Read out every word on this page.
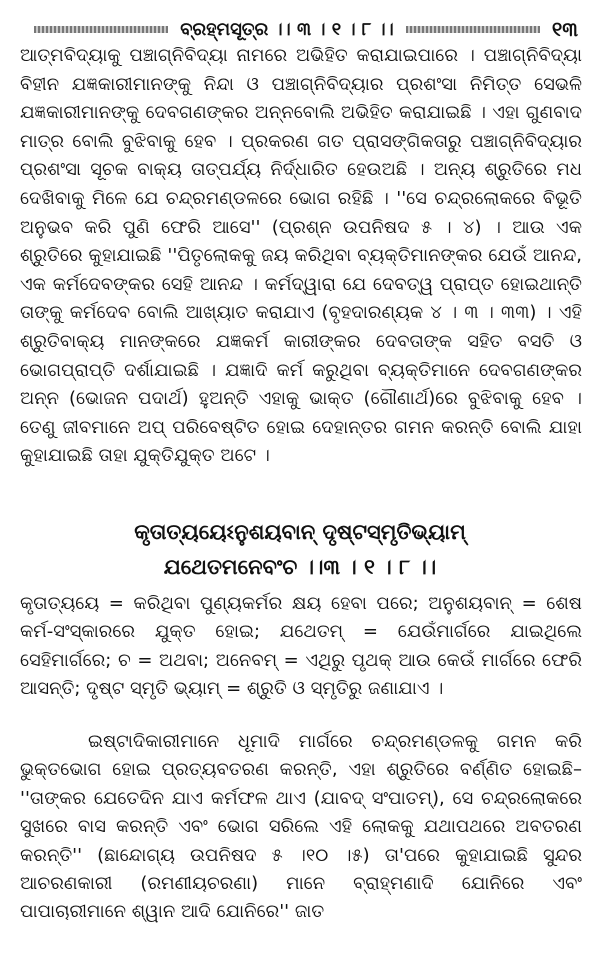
ବ୍ରହ୍ମସୂତ୍ର ।। ୩ । ୧ । ୮ ।।	୧୩

ଆତ୍ମବିଦ୍ୟାକୁ ପଞ୍ଚାଗ୍ନିବିଦ୍ୟା ନାମରେ ଅଭିହିତ କରାଯାଇପାରେ । ପଞ୍ଚାଗ୍ନିବିଦ୍ୟା ବିହୀନ ଯଜ୍ଞକାରୀମାନଙ୍କୁ ନିନ୍ଦା ଓ ପଞ୍ଚାଗ୍ନିବିଦ୍ୟାର ପ୍ରଶଂସା ନିମିତ୍ତ ସେଭଳି ଯଜ୍ଞକାରୀମାନଙ୍କୁ ଦେବଗଣଙ୍କର ଅନ୍ନବୋଲି ଅଭିହିତ କରାଯାଇଛି । ଏହା ଗୁଣବାଦ ମାତ୍ର ବୋଲି ବୁଝିବାକୁ ହେବ । ପ୍ରକରଣ ଗତ ପ୍ରାସଙ୍ଗିକତାରୁ ପଞ୍ଚାଗ୍ନିବିଦ୍ୟାର ପ୍ରଶଂସା ସୂଚକ ବାକ୍ୟ ତାତ୍ପର୍ଯ୍ୟ ନିର୍ଦ୍ଧାରିତ ହେଉଅଛି । ଅନ୍ୟ ଶ୍ରୁତିରେ ମଧ ଦେଖିବାକୁ ମିଳେ ଯେ ଚନ୍ଦ୍ରମଣ୍ଡଳରେ ଭୋଗ ରହିଛି । ''ସେ ଚନ୍ଦ୍ରଲୋକରେ ବିଭୂତି ଅନୁଭବ କରି ପୁଣି ଫେରି ଆସେ'' (ପ୍ରଶ୍ନ ଉପନିଷଦ ୫ । ୪) । ଆଉ ଏକ ଶ୍ରୁତିରେ କୁହାଯାଇଛି ''ପିତୃଲୋକକୁ ଜୟ କରିଥିବା ବ୍ୟକ୍ତିମାନଙ୍କର ଯେଉଁ ଆନନ୍ଦ, ଏକ କର୍ମଦେବଙ୍କର ସେହି ଆନନ୍ଦ । କର୍ମଦ୍ୱାରା ଯେ ଦେବତ୍ୱ ପ୍ରାପ୍ତ ହୋଇଥାନ୍ତି ତାଙ୍କୁ କର୍ମଦେବ ବୋଲି ଆଖ୍ୟାତ କରାଯାଏ (ବୃହଦାରଣ୍ୟକ ୪ । ୩ । ୩୩) । ଏହି ଶ୍ରୁତିବାକ୍ୟ ମାନଙ୍କରେ ଯଜ୍ଞକର୍ମ କାରୀଙ୍କର ଦେବତାଙ୍କ ସହିତ ବସତି ଓ ଭୋଗପ୍ରାପ୍ତି ଦର୍ଶାଯାଇଛି । ଯଜ୍ଞାଦି କର୍ମ କରୁଥିବା ବ୍ୟକ୍ତିମାନେ ଦେବଗଣଙ୍କର ଅନ୍ନ (ଭୋଜନ ପଦାର୍ଥ) ହୁଅନ୍ତି ଏହାକୁ ଭାକ୍ତ (ଗୌଣାର୍ଥ)ରେ ବୁଝିବାକୁ ହେବ । ତେଣୁ ଜୀବମାନେ ଅପ୍ ପରିବେଷ୍ଟିତ ହୋଇ ଦେହାନ୍ତର ଗମନ କରନ୍ତି ବୋଲି ଯାହା କୁହାଯାଇଛି ତାହା ଯୁକ୍ତିଯୁକ୍ତ ଅଟେ ।

କୃତାତ୍ୟୟେଽନୁଶୟବାନ୍ ଦୃଷ୍ଟସ୍ମୃତିଭ୍ୟାମ୍
ଯଥେତମନେବଂଚ ।।୩ । ୧ । ୮ ।।

କୃତାତ୍ୟୟେ = କରିଥିବା ପୁଣ୍ୟକର୍ମର କ୍ଷୟ ହେବା ପରେ; ଅନୁଶୟବାନ୍ = ଶେଷ କର୍ମ-ସଂସ୍କାରରେ ଯୁକ୍ତ ହୋଇ; ଯଥେତମ୍ = ଯେଉଁମାର୍ଗରେ ଯାଇଥିଲେ ସେହିମାର୍ଗରେ; ଚ = ଅଥବା; ଅନେବମ୍ = ଏଥିରୁ ପୃଥକ୍ ଆଉ କେଉଁ ମାର୍ଗରେ ଫେରି ଆସନ୍ତି; ଦୃଷ୍ଟ ସ୍ମୃତି ଭ୍ୟାମ୍ = ଶ୍ରୁତି ଓ ସ୍ମୃତିରୁ ଜଣାଯାଏ ।

ଇଷ୍ଟାଦିକାରୀମାନେ ଧୂମାଦି ମାର୍ଗରେ ଚନ୍ଦ୍ରମଣ୍ଡଳକୁ ଗମନ କରି ଭୁକ୍ତଭୋଗ ହୋଇ ପ୍ରତ୍ୟବତରଣ କରନ୍ତି, ଏହା ଶ୍ରୁତିରେ ବର୍ଣ୍ଣିତ ହୋଇଛି– ''ତାଙ୍କର ଯେତେଦିନ ଯାଏ କର୍ମଫଳ ଥାଏ (ଯାବଦ୍ ସଂପାତମ୍), ସେ ଚନ୍ଦ୍ରଲୋକରେ ସୁଖରେ ବାସ କରନ୍ତି ଏବଂ ଭୋଗ ସରିଲେ ଏହି ଲୋକକୁ ଯଥାପଥରେ ଅବତରଣ କରନ୍ତି'' (ଛାନ୍ଦୋଗ୍ୟ ଉପନିଷଦ ୫ ।୧୦ ।୫) ତା'ପରେ କୁହାଯାଇଛି ସୁନ୍ଦର ଆଚରଣକାରୀ (ରମଣୀୟଚରଣା) ମାନେ ବ୍ରାହ୍ମଣାଦି ଯୋନିରେ ଏବଂ ପାପାଚାରୀମାନେ ଶ୍ୱାନ ଆଦି ଯୋନିରେ'' ଜାତ
